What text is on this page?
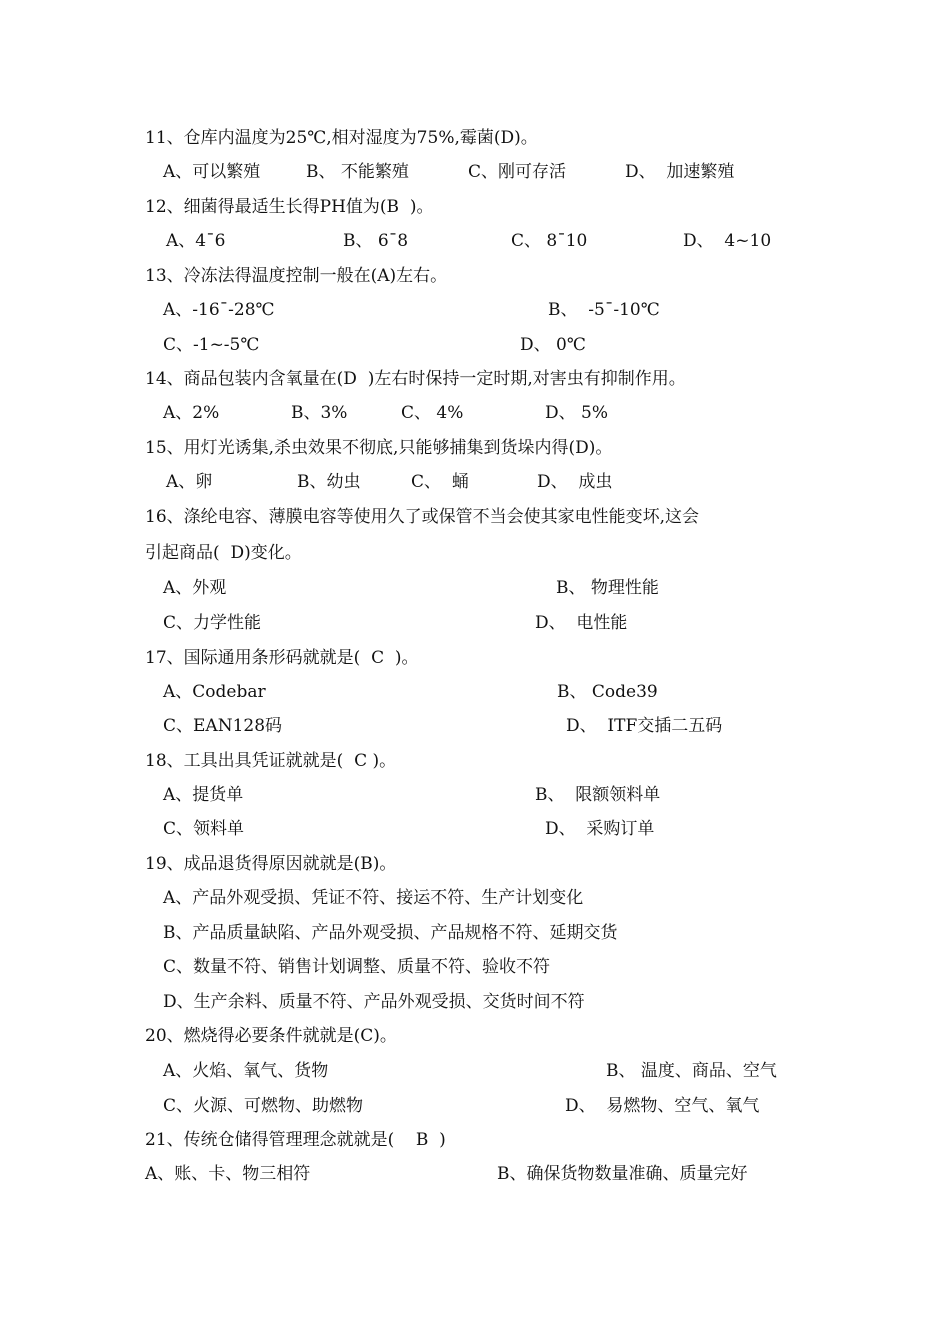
11、仓库内温度为25℃,相对湿度为75%,霉菌(D)。
A、可以繁殖	B、 不能繁殖	C、刚可存活	D、  加速繁殖
12、细菌得最适生长得PH值为(B  )。
A、4¯6	B、 6¯8	C、 8¯10	D、  4~10
13、冷冻法得温度控制一般在(A)左右。
A、-16¯-28℃	B、  -5¯-10℃
C、-1~-5℃	D、 0℃
14、商品包装内含氧量在(D  )左右时保持一定时期,对害虫有抑制作用。
A、2%	B、3%	C、 4%	D、 5%
15、用灯光诱集,杀虫效果不彻底,只能够捕集到货垛内得(D)。
A、卵	B、幼虫	C、  蛹	D、  成虫
16、涤纶电容、薄膜电容等使用久了或保管不当会使其家电性能变坏,这会
引起商品(  D)变化。
A、外观	B、 物理性能
C、力学性能	D、  电性能
17、国际通用条形码就就是(  C  )。
A、Codebar	B、 Code39
C、EAN128码	D、  ITF交插二五码
18、工具出具凭证就就是(  C )。
A、提货单	B、  限额领料单
C、领料单	D、  采购订单
19、成品退货得原因就就是(B)。
A、产品外观受损、凭证不符、接运不符、生产计划变化
B、产品质量缺陷、产品外观受损、产品规格不符、延期交货
C、数量不符、销售计划调整、质量不符、验收不符
D、生产余料、质量不符、产品外观受损、交货时间不符
20、燃烧得必要条件就就是(C)。
A、火焰、氧气、货物	B、 温度、商品、空气
C、火源、可燃物、助燃物	D、  易燃物、空气、氧气
21、传统仓储得管理理念就就是(    B  )
A、账、卡、物三相符	B、确保货物数量准确、质量完好
